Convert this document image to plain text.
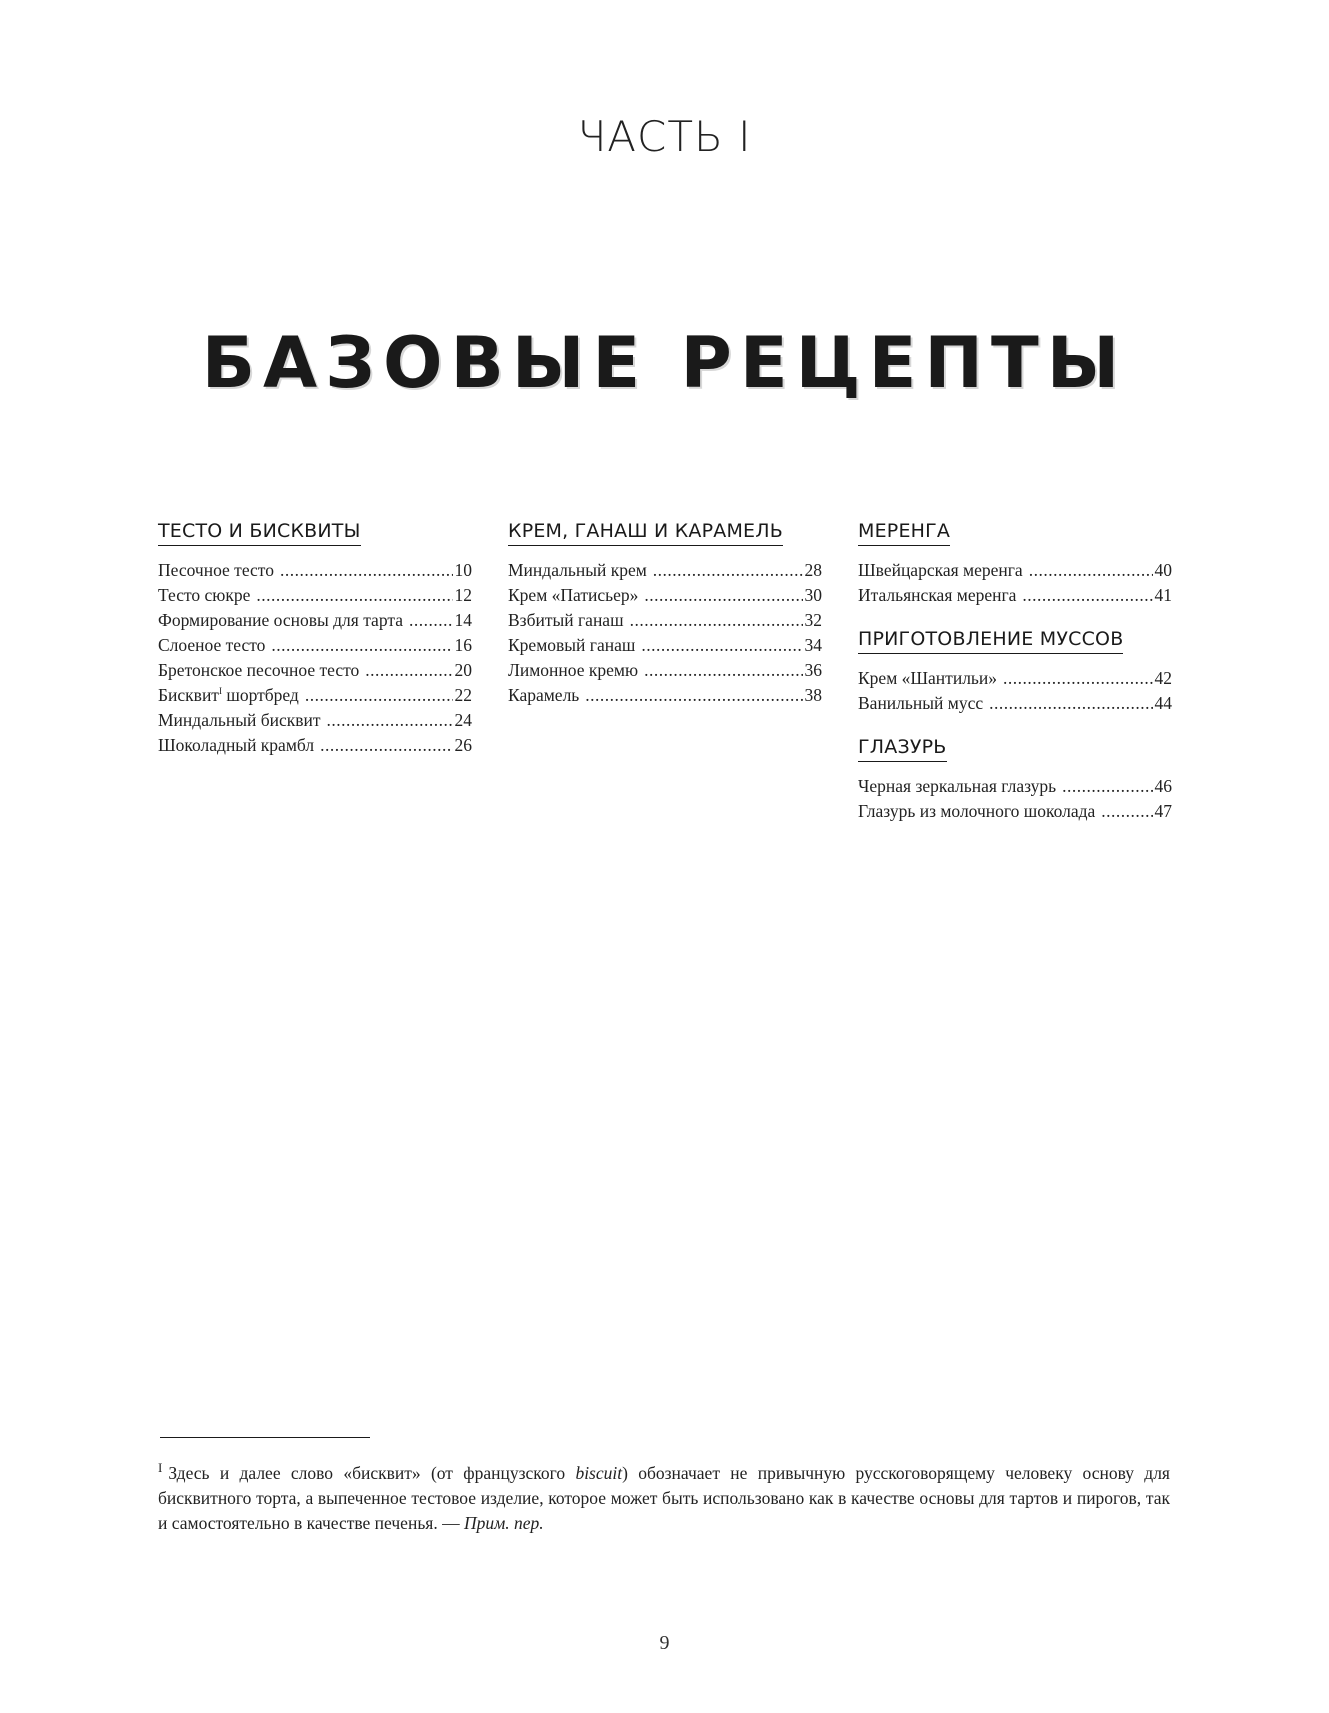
ЧАСТЬ I
БАЗОВЫЕ РЕЦЕПТЫ
ТЕСТО И БИСКВИТЫ
Песочное тесто .....	10
Тесто сюкре .....	12
Формирование основы для тарта .....	14
Слоеное тесто .....	16
Бретонское песочное тесто .....	20
Бисквит$^I$ шортбред .....	22
Миндальный бисквит .....	24
Шоколадный крамбл .....	26
КРЕМ, ГАНАШ И КАРАМЕЛЬ
Миндальный крем .....	28
Крем «Патисьер» .....	30
Взбитый ганаш .....	32
Кремовый ганаш .....	34
Лимонное кремю .....	36
Карамель .....	38
МЕРЕНГА
Швейцарская меренга .....	40
Итальянская меренга .....	41
ПРИГОТОВЛЕНИЕ МУССОВ
Крем «Шантильи» .....	42
Ванильный мусс .....	44
ГЛАЗУРЬ
Черная зеркальная глазурь .....	46
Глазурь из молочного шоколада .....	47
$^I$ Здесь и далее слово «бисквит» (от французского biscuit) обозначает не привычную русскоговорящему человеку основу для бисквитного торта, а выпеченное тестовое изделие, которое может быть использовано как в качестве основы для тартов и пирогов, так и самостоятельно в качестве печенья. — Прим. пер.
9
